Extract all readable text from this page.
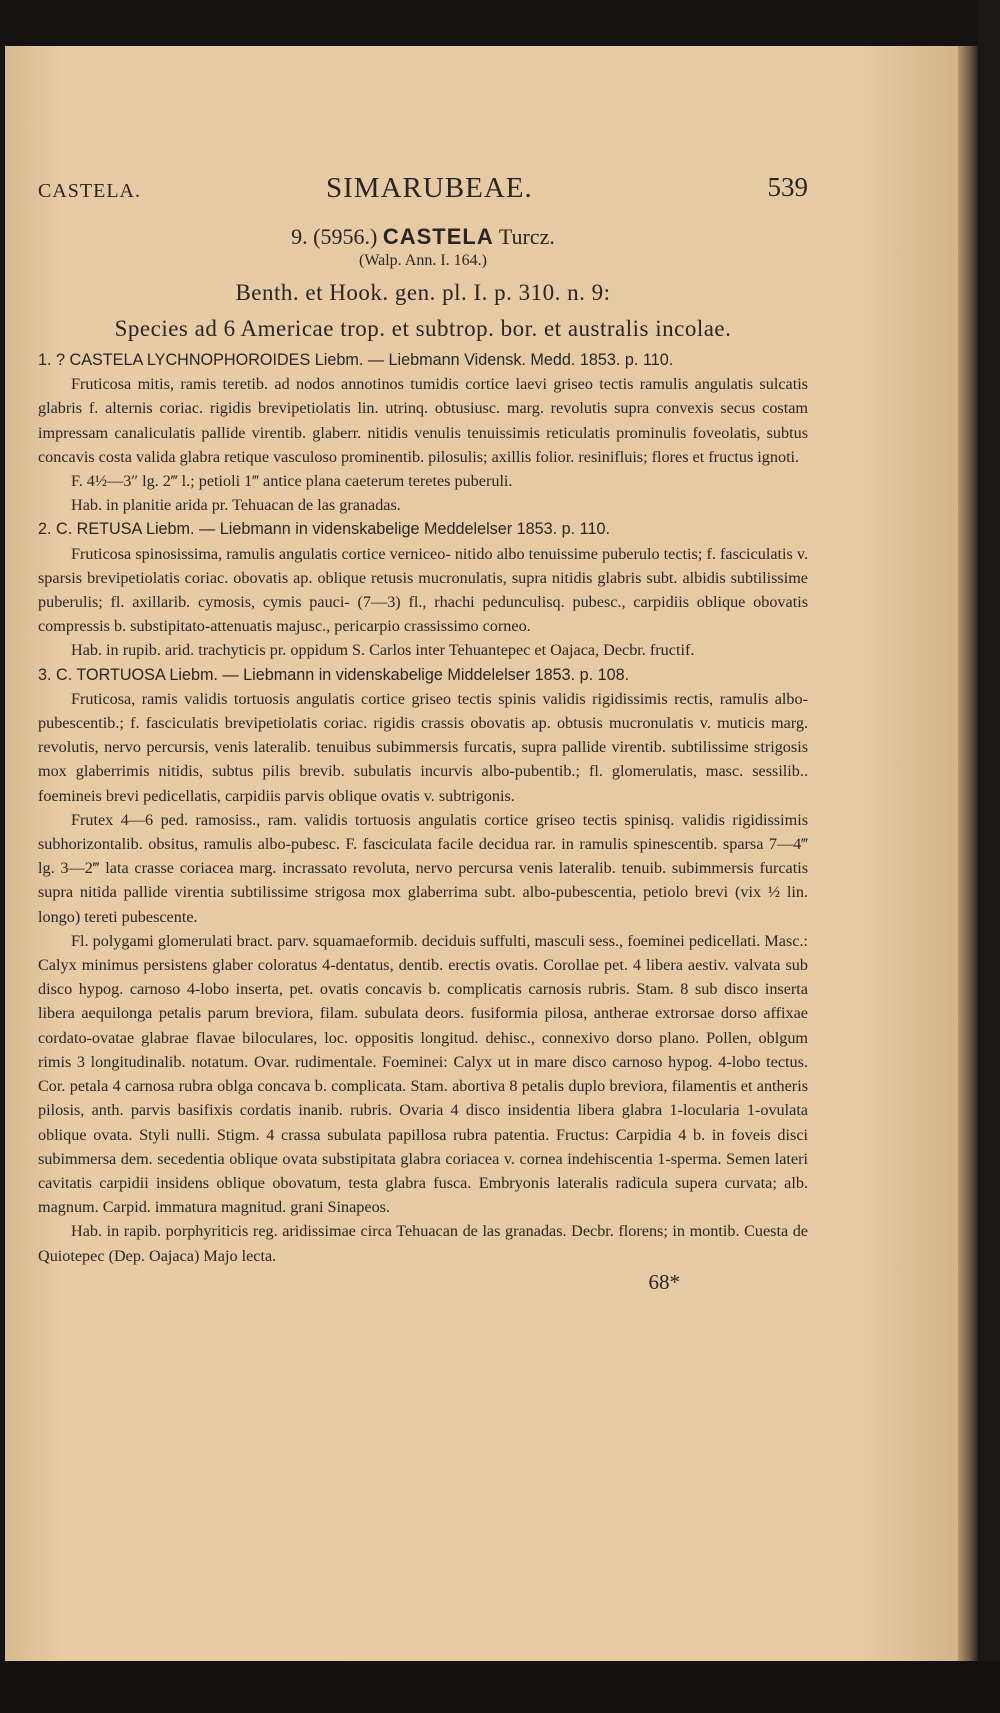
CASTELA.	SIMARUBEAE.	539
9. (5956.) CASTELA Turcz.
(Walp. Ann. I. 164.)
Benth. et Hook. gen. pl. I. p. 310. n. 9:
Species ad 6 Americae trop. et subtrop. bor. et australis incolae.

1. ? CASTELA LYCHNOPHOROIDES Liebm. — Liebmann Vidensk. Medd. 1853. p. 110.

Fruticosa mitis, ramis teretib. ad nodos annotinos tumidis cortice laevi griseo tectis ramulis angulatis sulcatis glabris f. alternis coriac. rigidis brevipetiolatis lin. utrinq. obtusiusc. marg. revolutis supra convexis secus costam impressam canaliculatis pallide virentib. glaberr. nitidis venulis tenuissimis reticulatis prominulis foveolatis, subtus concavis costa valida glabra retique vasculoso prominentib. pilosulis; axillis folior. resinifluis; flores et fructus ignoti.

F. 4½—3″ lg. 2‴ l.; petioli 1‴ antice plana caeterum teretes puberuli.

Hab. in planitie arida pr. Tehuacan de las granadas.

2. C. RETUSA Liebm. — Liebmann in videnskabelige Meddelelser 1853. p. 110.

Fruticosa spinosissima, ramulis angulatis cortice verniceo- nitido albo tenuissime puberulo tectis; f. fasciculatis v. sparsis brevipetiolatis coriac. obovatis ap. oblique retusis mucronulatis, supra nitidis glabris subt. albidis subtilissime puberulis; fl. axillarib. cymosis, cymis pauci- (7—3) fl., rhachi pedunculisq. pubesc., carpidiis oblique obovatis compressis b. substipitato-attenuatis majusc., pericarpio crassissimo corneo.

Hab. in rupib. arid. trachyticis pr. oppidum S. Carlos inter Tehuantepec et Oajaca, Decbr. fructif.

3. C. TORTUOSA Liebm. — Liebmann in videnskabelige Middelelser 1853. p. 108.

Fruticosa, ramis validis tortuosis angulatis cortice griseo tectis spinis validis rigidissimis rectis, ramulis albo-pubescentib.; f. fasciculatis brevipetiolatis coriac. rigidis crassis obovatis ap. obtusis mucronulatis v. muticis marg. revolutis, nervo percursis, venis lateralib. tenuibus subimmersis furcatis, supra pallide virentib. subtilissime strigosis mox glaberrimis nitidis, subtus pilis brevib. subulatis incurvis albo-pubentib.; fl. glomerulatis, masc. sessilib.. foemineis brevi pedicellatis, carpidiis parvis oblique ovatis v. subtrigonis.

Frutex 4—6 ped. ramosiss., ram. validis tortuosis angulatis cortice griseo tectis spinisq. validis rigidissimis subhorizontalib. obsitus, ramulis albo-pubesc. F. fasciculata facile decidua rar. in ramulis spinescentib. sparsa 7—4‴ lg. 3—2‴ lata crasse coriacea marg. incrassato revoluta, nervo percursa venis lateralib. tenuib. subimmersis furcatis supra nitida pallide virentia subtilissime strigosa mox glaberrima subt. albo-pubescentia, petiolo brevi (vix ½ lin. longo) tereti pubescente.

Fl. polygami glomerulati bract. parv. squamaeformib. deciduis suffulti, masculi sess., foeminei pedicellati. Masc.: Calyx minimus persistens glaber coloratus 4-dentatus, dentib. erectis ovatis. Corollae pet. 4 libera aestiv. valvata sub disco hypog. carnoso 4-lobo inserta, pet. ovatis concavis b. complicatis carnosis rubris. Stam. 8 sub disco inserta libera aequilonga petalis parum breviora, filam. subulata deors. fusiformia pilosa, antherae extrorsae dorso affixae cordato-ovatae glabrae flavae biloculares, loc. oppositis longitud. dehisc., connexivo dorso plano. Pollen, oblgum rimis 3 longitudinalib. notatum. Ovar. rudimentale. Foeminei: Calyx ut in mare disco carnoso hypog. 4-lobo tectus. Cor. petala 4 carnosa rubra oblga concava b. complicata. Stam. abortiva 8 petalis duplo breviora, filamentis et antheris pilosis, anth. parvis basifixis cordatis inanib. rubris. Ovaria 4 disco insidentia libera glabra 1-locularia 1-ovulata oblique ovata. Styli nulli. Stigm. 4 crassa subulata papillosa rubra patentia. Fructus: Carpidia 4 b. in foveis disci subimmersa dem. secedentia oblique ovata substipitata glabra coriacea v. cornea indehiscentia 1-sperma. Semen lateri cavitatis carpidii insidens oblique obovatum, testa glabra fusca. Embryonis lateralis radicula supera curvata; alb. magnum. Carpid. immatura magnitud. grani Sinapeos.

Hab. in rapib. porphyriticis reg. aridissimae circa Tehuacan de las granadas. Decbr. florens; in montib. Cuesta de Quiotepec (Dep. Oajaca) Majo lecta.

68*
